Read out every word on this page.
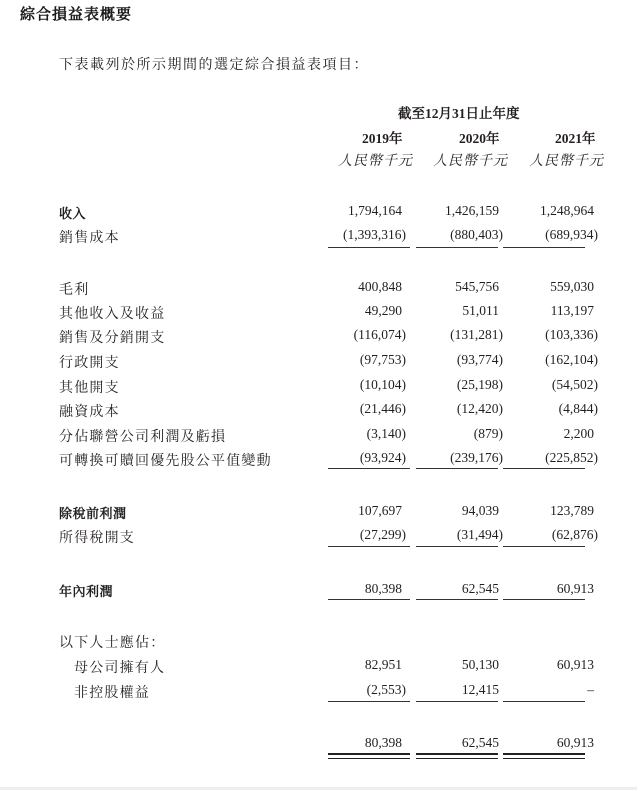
綜合損益表概要
下表載列於所示期間的選定綜合損益表項目：
截至12月31日止年度
2019年	2020年	2021年
人民幣千元 人民幣千元 人民幣千元
收入	1,794,164	1,426,159	1,248,964
銷售成本	(1,393,316)	(880,403)	(689,934)
毛利	400,848	545,756	559,030
其他收入及收益	49,290	51,011	113,197
銷售及分銷開支	(116,074)	(131,281)	(103,336)
行政開支	(97,753)	(93,774)	(162,104)
其他開支	(10,104)	(25,198)	(54,502)
融資成本	(21,446)	(12,420)	(4,844)
分佔聯營公司利潤及虧損	(3,140)	(879)	2,200
可轉換可贖回優先股公平值變動	(93,924)	(239,176)	(225,852)
除稅前利潤	107,697	94,039	123,789
所得稅開支	(27,299)	(31,494)	(62,876)
年內利潤	80,398	62,545	60,913
以下人士應佔：
母公司擁有人	82,951	50,130	60,913
非控股權益	(2,553)	12,415	–
80,398	62,545	60,913
